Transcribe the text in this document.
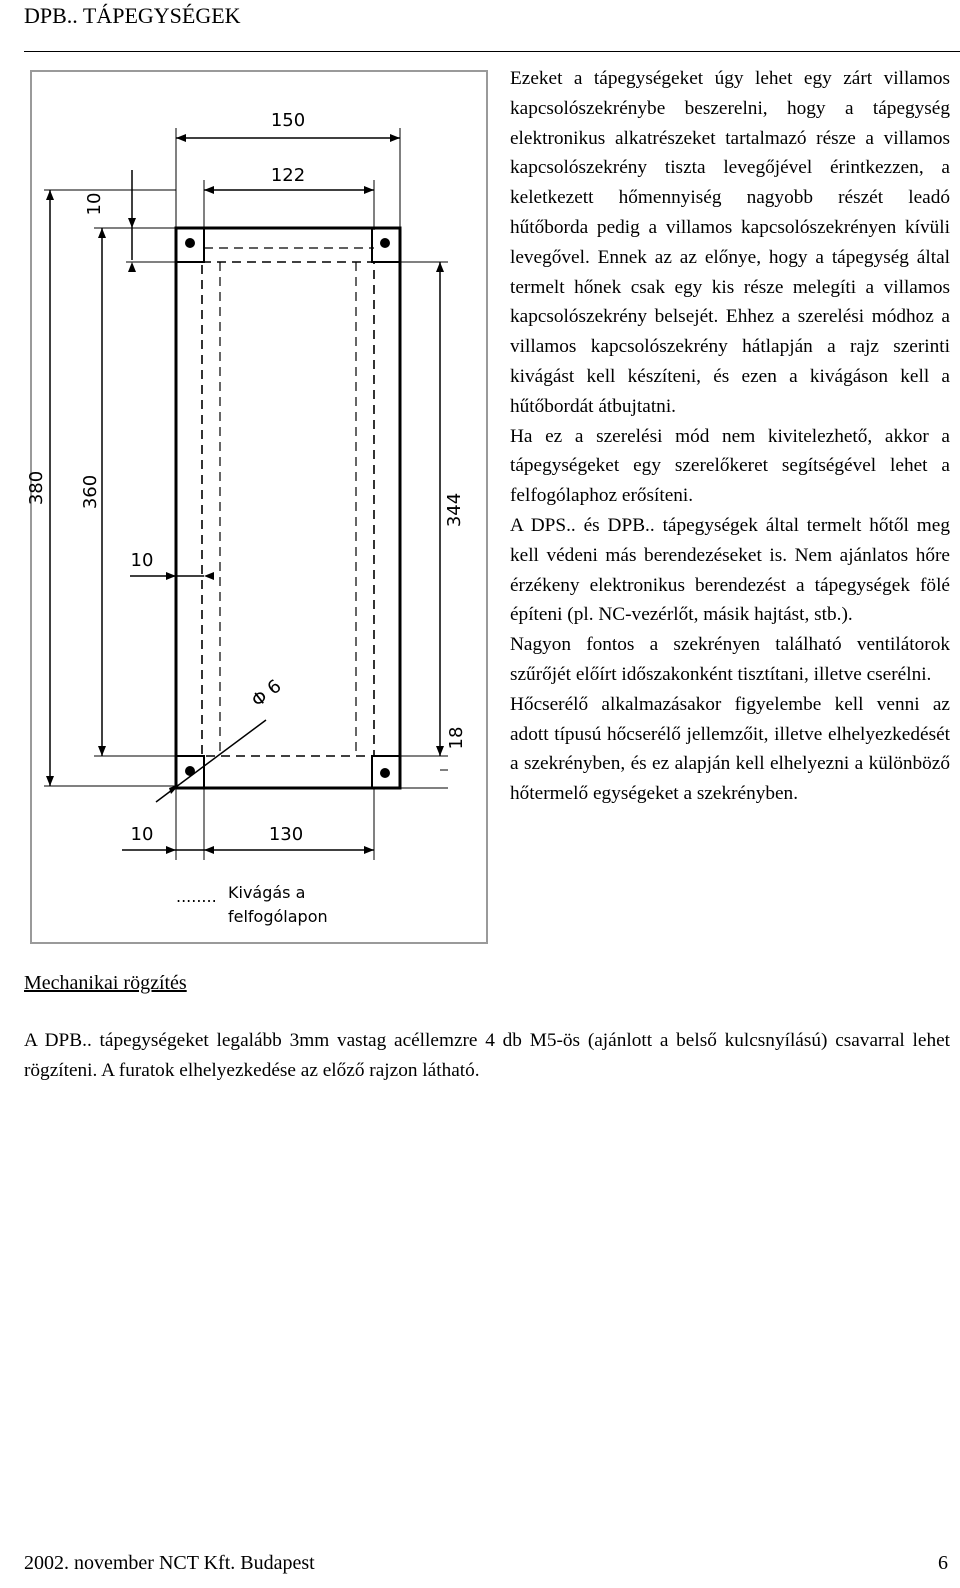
DPB.. TÁPEGYSÉGEK
150
122
380 360
10
10
344
18
Φ 6
10	130
........ Kivágás a
felfogólapon

Ezeket a tápegységeket úgy lehet egy zárt villamos kapcsolószekrénybe beszerelni, hogy a tápegység elektronikus alkatrészeket tartalmazó része a villamos kapcsolószekrény tiszta levegőjével érintkezzen, a keletkezett hőmennyiség nagyobb részét leadó hűtőborda pedig a villamos kapcsolószekrényen kívüli levegővel. Ennek az az előnye, hogy a tápegység által termelt hőnek csak egy kis része melegíti a villamos kapcsolószekrény belsejét. Ehhez a szerelési módhoz a villamos kapcsolószekrény hátlapján a rajz szerinti kivágást kell készíteni, és ezen a kivágáson kell a hűtőbordát átbujtatni.

Ha ez a szerelési mód nem kivitelezhető, akkor a tápegységeket egy szerelőkeret segítségével lehet a felfogólaphoz erősíteni.

A DPS.. és DPB.. tápegységek által termelt hőtől meg kell védeni más berendezéseket is. Nem ajánlatos hőre érzékeny elektronikus berendezést a tápegységek fölé építeni (pl. NC-vezérlőt, másik hajtást, stb.).

Nagyon fontos a szekrényen található ventilátorok szűrőjét előírt időszakonként tisztítani, illetve cserélni.

Hőcserélő alkalmazásakor figyelembe kell venni az adott típusú hőcserélő jellemzőit, illetve elhelyezkedését a szekrényben, és ez alapján kell elhelyezni a különböző hőtermelő egységeket a szekrényben.

Mechanikai rögzítés

A DPB.. tápegységeket legalább 3mm vastag acéllemzre 4 db M5-ös (ajánlott a belső kulcsnyílású) csavarral lehet rögzíteni. A furatok elhelyezkedése az előző rajzon látható.

2002. november NCT Kft. Budapest	6
